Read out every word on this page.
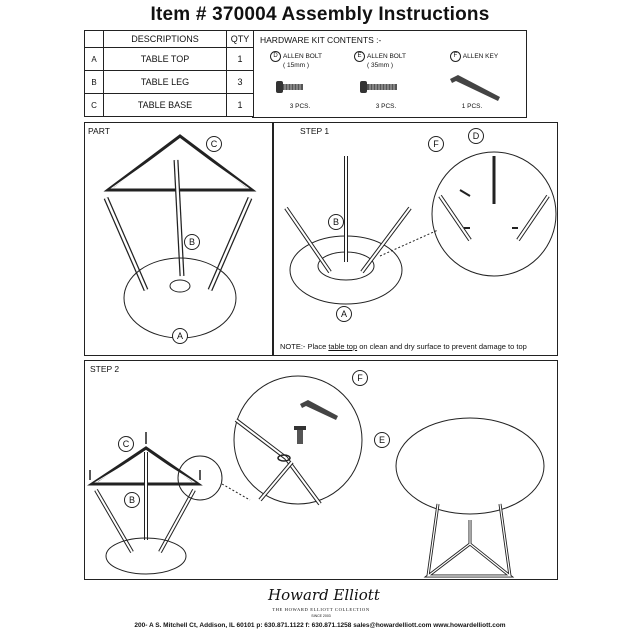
Item # 370004 Assembly Instructions
	DESCRIPTIONS	QTY
A	TABLE TOP	1
B	TABLE LEG	3
C	TABLE BASE	1
HARDWARE KIT CONTENTS :-
D ALLEN BOLT
( 15mm )
E ALLEN BOLT
( 35mm )
F ALLEN KEY
3 PCS.	3 PCS.	1 PCS.
PART	STEP 1
STEP 2
C
B
A
B
A
F
D
C
B
F
E
NOTE:- Place table top on clean and dry surface to prevent damage to top
Howard Elliott
THE HOWARD ELLIOTT COLLECTION
SINCE 2003
200- A S. Mitchell Ct, Addison, IL 60101 p: 630.871.1122 f: 630.871.1258 sales@howardelliott.com www.howardelliott.com
